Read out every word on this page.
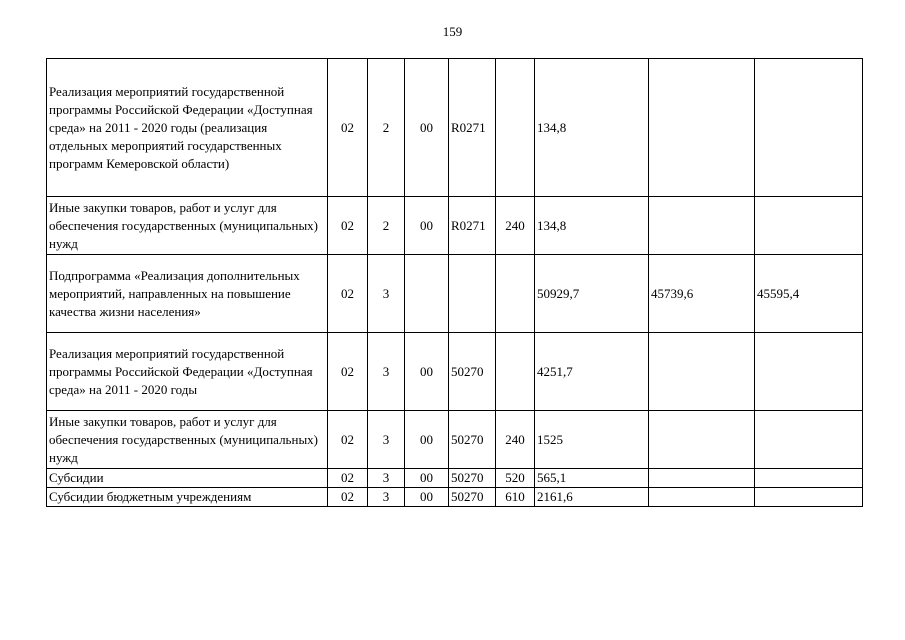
159
Реализация мероприятий государственной программы Российской Федерации «Доступная среда» на 2011 - 2020 годы (реализация отдельных мероприятий государственных программ Кемеровской области)	02	2	00	R0271		134,8		
Иные закупки товаров, работ и услуг для обеспечения государственных (муниципальных) нужд	02	2	00	R0271	240	134,8		
Подпрограмма «Реализация дополнительных мероприятий, направленных на повышение качества жизни населения»	02	3				50929,7	45739,6	45595,4
Реализация мероприятий государственной программы Российской Федерации «Доступная среда» на 2011 - 2020 годы	02	3	00	50270		4251,7		
Иные закупки товаров, работ и услуг для обеспечения государственных (муниципальных) нужд	02	3	00	50270	240	1525		
Субсидии	02	3	00	50270	520	565,1		
Субсидии бюджетным учреждениям	02	3	00	50270	610	2161,6		
